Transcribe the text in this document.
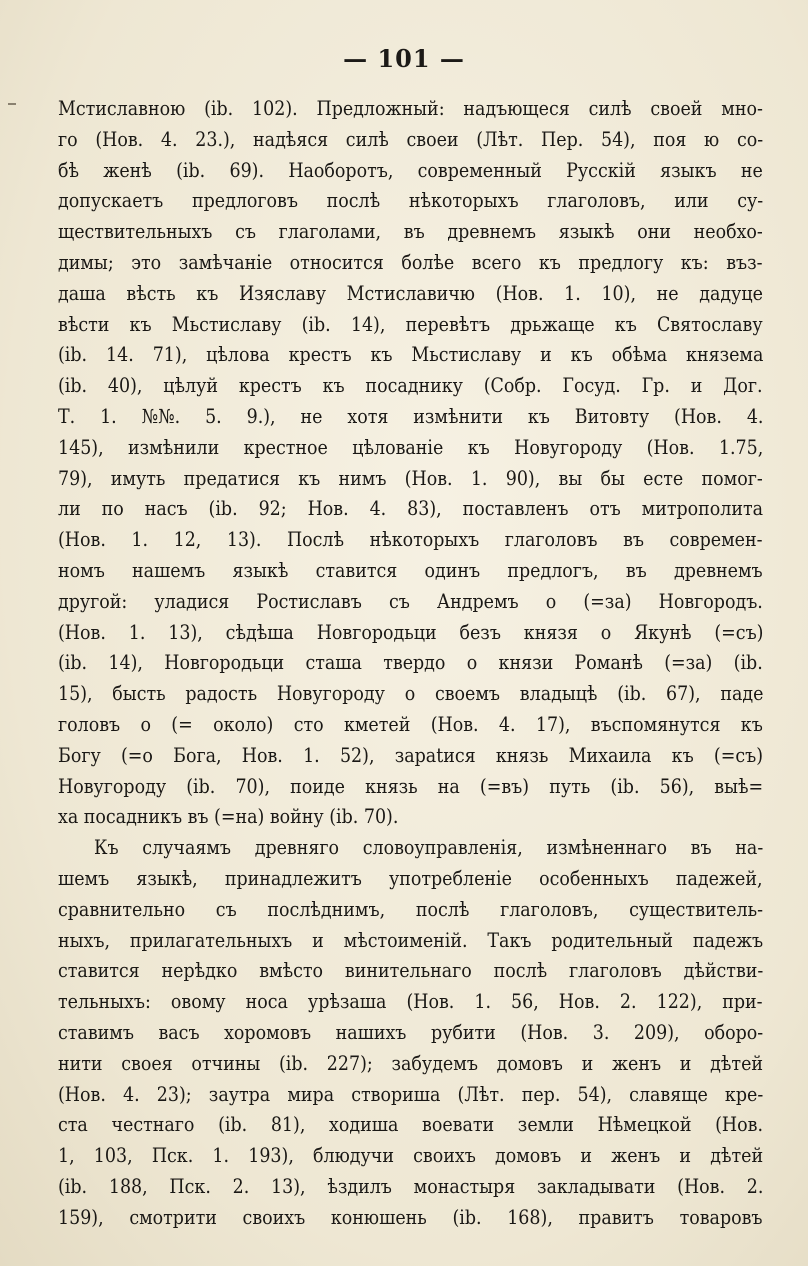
— 101 —
Мстиславною (ib. 102). Предложный: надъющеся силѣ своей мно-
го (Нов. 4. 23.), надѣяся силѣ своеи (Лѣт. Пер. 54), поя ю со-
бѣ женѣ (ib. 69). Наоборотъ, современный Русскій языкъ не
допускаетъ предлоговъ послѣ нѣкоторыхъ глаголовъ, или су-
ществительныхъ съ глаголами, въ древнемъ языкѣ они необхо-
димы; это замѣчаніе относится болѣе всего къ предлогу къ: въз-
даша вѣсть къ Изяславу Мстиславичю (Нов. 1. 10), не дадуце
вѣсти къ Мьстиславу (ib. 14), перевѣтъ дрьжаще къ Святославу
(ib. 14. 71), цѣлова крестъ къ Мьстиславу и къ обѣма князема
(ib. 40), цѣлуй крестъ къ посаднику (Собр. Госуд. Гр. и Дог.
Т. 1. №№. 5. 9.), не хотя измѣнити къ Витовту (Нов. 4.
145), измѣнили крестное цѣлованіе къ Новугороду (Нов. 1.75,
79), имуть предатися къ нимъ (Нов. 1. 90), вы бы есте помог-
ли по насъ (ib. 92; Нов. 4. 83), поставленъ отъ митрополита
(Нов. 1. 12, 13). Послѣ нѣкоторыхъ глаголовъ въ современ-
номъ нашемъ языкѣ ставится одинъ предлогъ, въ древнемъ
другой: уладися Ростиславъ съ Андремъ о (=за) Новгородъ.
(Нов. 1. 13), сѣдѣша Новгородьци безъ князя о Якунѣ (=съ)
(ib. 14), Новгородьци сташа твердо о князи Романѣ (=за) (ib.
15), бысть радость Новугороду о своемъ владыцѣ (ib. 67), паде
головъ о (= около) сто кметей (Нов. 4. 17), въспомянутся къ
Богу (=о Бога, Нов. 1. 52), зарatися князь Михаила къ (=съ)
Новугороду (ib. 70), поиде князь на (=въ) путь (ib. 56), выѣ=
ха посадникъ въ (=на) войну (ib. 70).
Къ случаямъ древняго словоуправленія, измѣненнаго въ на-
шемъ языкѣ, принадлежитъ употребленіе особенныхъ падежей,
сравнительно съ послѣднимъ, послѣ глаголовъ, существитель-
ныхъ, прилагательныхъ и мѣстоименій. Такъ родительный падежъ
ставится нерѣдко вмѣсто винительнаго послѣ глаголовъ дѣйстви-
тельныхъ: овому носа урѣзаша (Нов. 1. 56, Нов. 2. 122), при-
ставимъ васъ хоромовъ нашихъ рубити (Нов. 3. 209), оборо-
нити своея отчины (ib. 227); забудемъ домовъ и женъ и дѣтей
(Нов. 4. 23); заутра мира створиша (Лѣт. пер. 54), славяще кре-
ста честнаго (ib. 81), ходиша воевати земли Нѣмецкой (Нов.
1, 103, Пск. 1. 193), блюдучи своихъ домовъ и женъ и дѣтей
(ib. 188, Пск. 2. 13), ѣздилъ монастыря закладывати (Нов. 2.
159), смотрити своихъ конюшень (ib. 168), правитъ товаровъ
